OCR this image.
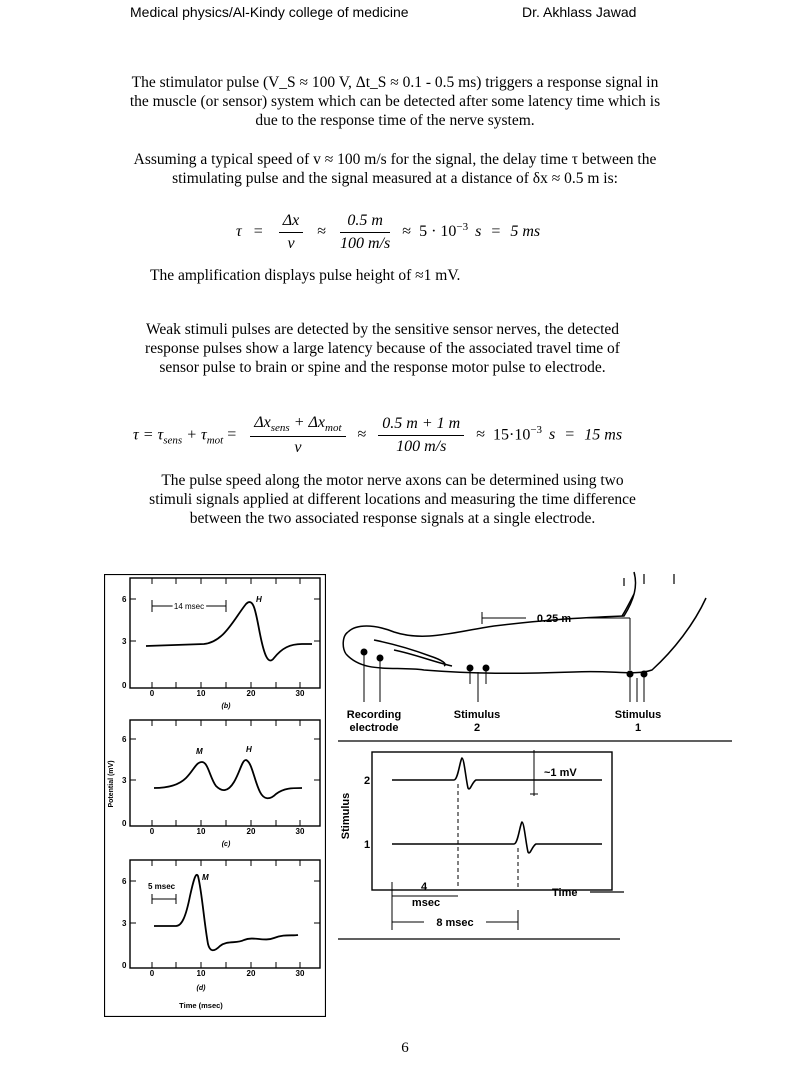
Medical physics/Al-Kindy college of medicine	Dr. Akhlass Jawad
The stimulator pulse (V_S ≈ 100 V, Δt_S ≈ 0.1 - 0.5 ms) triggers a response signal in the muscle (or sensor) system which can be detected after some latency time which is due to the response time of the nerve system.
Assuming a typical speed of v ≈ 100 m/s for the signal, the delay time τ between the stimulating pulse and the signal measured at a distance of δx ≈ 0.5 m is:
$\tau = \frac{\Delta x}{v} \approx \frac{0.5 m}{100 m/s} \approx 5 \cdot 10^{-3}$ s = 5 ms
The amplification displays pulse height of ≈1 mV.
Weak stimuli pulses are detected by the sensitive sensor nerves, the detected response pulses show a large latency because of the associated travel time of sensor pulse to brain or spine and the response motor pulse to electrode.
$\tau = \tau_{sens} + \tau_{mot} = \frac{\Delta x_{sens} + \Delta x_{mot}}{v} \approx \frac{0.5 m + 1 m}{100 m/s} \approx 15\cdot 10^{-3}$ s = 15 ms
The pulse speed along the motor nerve axons can be determined using two stimuli signals applied at different locations and measuring the time difference between the two associated response signals at a single electrode.
14 msec
H
6
3
0
0	10	20	30
(b)
M	H
6
3
0
0	10	20	30
(c)
Potential (mV)
5 msec
M
6
3
0
0	10	20	30
(d)
Time (msec)
0.25 m
Recording
electrode
Stimulus
2
Stimulus
1
Stimulus
2
1
~1 mV
Time
4
msec
8 msec
6
